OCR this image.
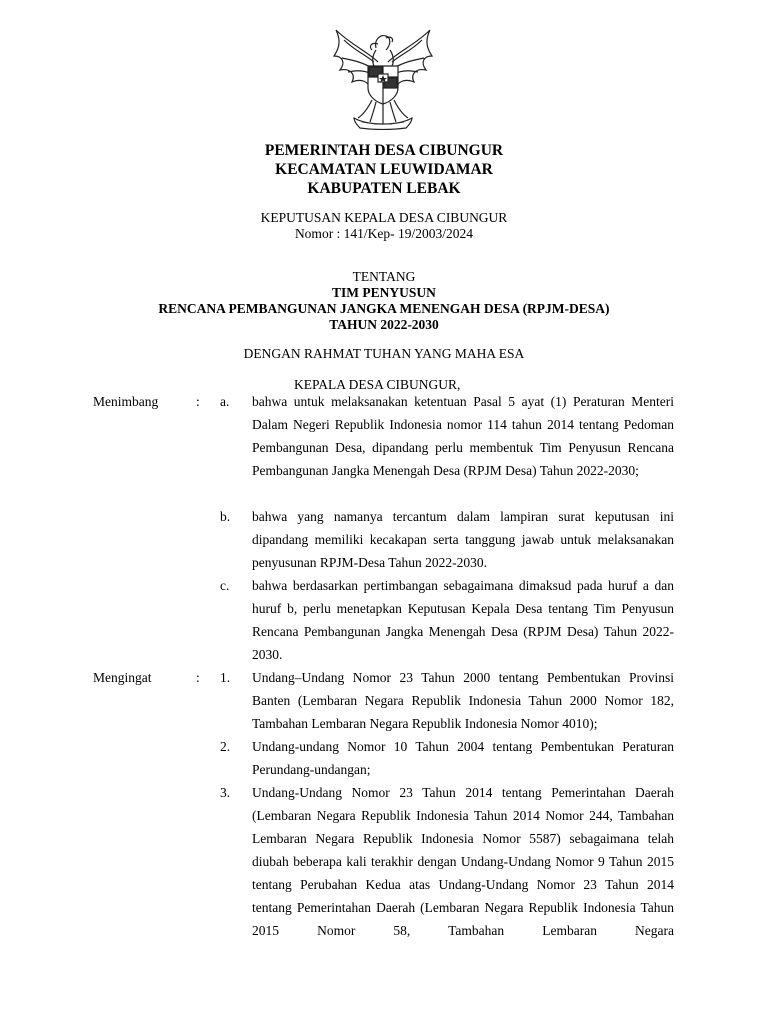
PEMERINTAH DESA CIBUNGUR
KECAMATAN LEUWIDAMAR
KABUPATEN LEBAK
KEPUTUSAN KEPALA DESA CIBUNGUR
Nomor : 141/Kep- 19/2003/2024
TENTANG
TIM PENYUSUN
RENCANA PEMBANGUNAN JANGKA MENENGAH DESA (RPJM-DESA)
TAHUN 2022-2030
DENGAN RAHMAT TUHAN YANG MAHA ESA
KEPALA DESA CIBUNGUR,
Menimbang	: a. bahwa untuk melaksanakan ketentuan Pasal 5 ayat (1) Peraturan Menteri Dalam Negeri Republik Indonesia nomor 114 tahun 2014 tentang Pedoman Pembangunan Desa, dipandang perlu membentuk Tim Penyusun Rencana Pembangunan Jangka Menengah Desa (RPJM Desa) Tahun 2022-2030;
b. bahwa yang namanya tercantum dalam lampiran surat keputusan ini dipandang memiliki kecakapan serta tanggung jawab untuk melaksanakan penyusunan RPJM-Desa Tahun 2022-2030.
c. bahwa berdasarkan pertimbangan sebagaimana dimaksud pada huruf a dan huruf b, perlu menetapkan Keputusan Kepala Desa tentang Tim Penyusun Rencana Pembangunan Jangka Menengah Desa (RPJM Desa) Tahun 2022-2030.
Mengingat	: 1. Undang–Undang Nomor 23 Tahun 2000 tentang Pembentukan Provinsi Banten (Lembaran Negara Republik Indonesia Tahun 2000 Nomor 182, Tambahan Lembaran Negara Republik Indonesia Nomor 4010);
2. Undang-undang Nomor 10 Tahun 2004 tentang Pembentukan Peraturan Perundang-undangan;
3. Undang-Undang Nomor 23 Tahun 2014 tentang Pemerintahan Daerah (Lembaran Negara Republik Indonesia Tahun 2014 Nomor 244, Tambahan Lembaran Negara Republik Indonesia Nomor 5587) sebagaimana telah diubah beberapa kali terakhir dengan Undang-Undang Nomor 9 Tahun 2015 tentang Perubahan Kedua atas Undang-Undang Nomor 23 Tahun 2014 tentang Pemerintahan Daerah (Lembaran Negara Republik Indonesia Tahun 2015 Nomor 58, Tambahan Lembaran Negara
